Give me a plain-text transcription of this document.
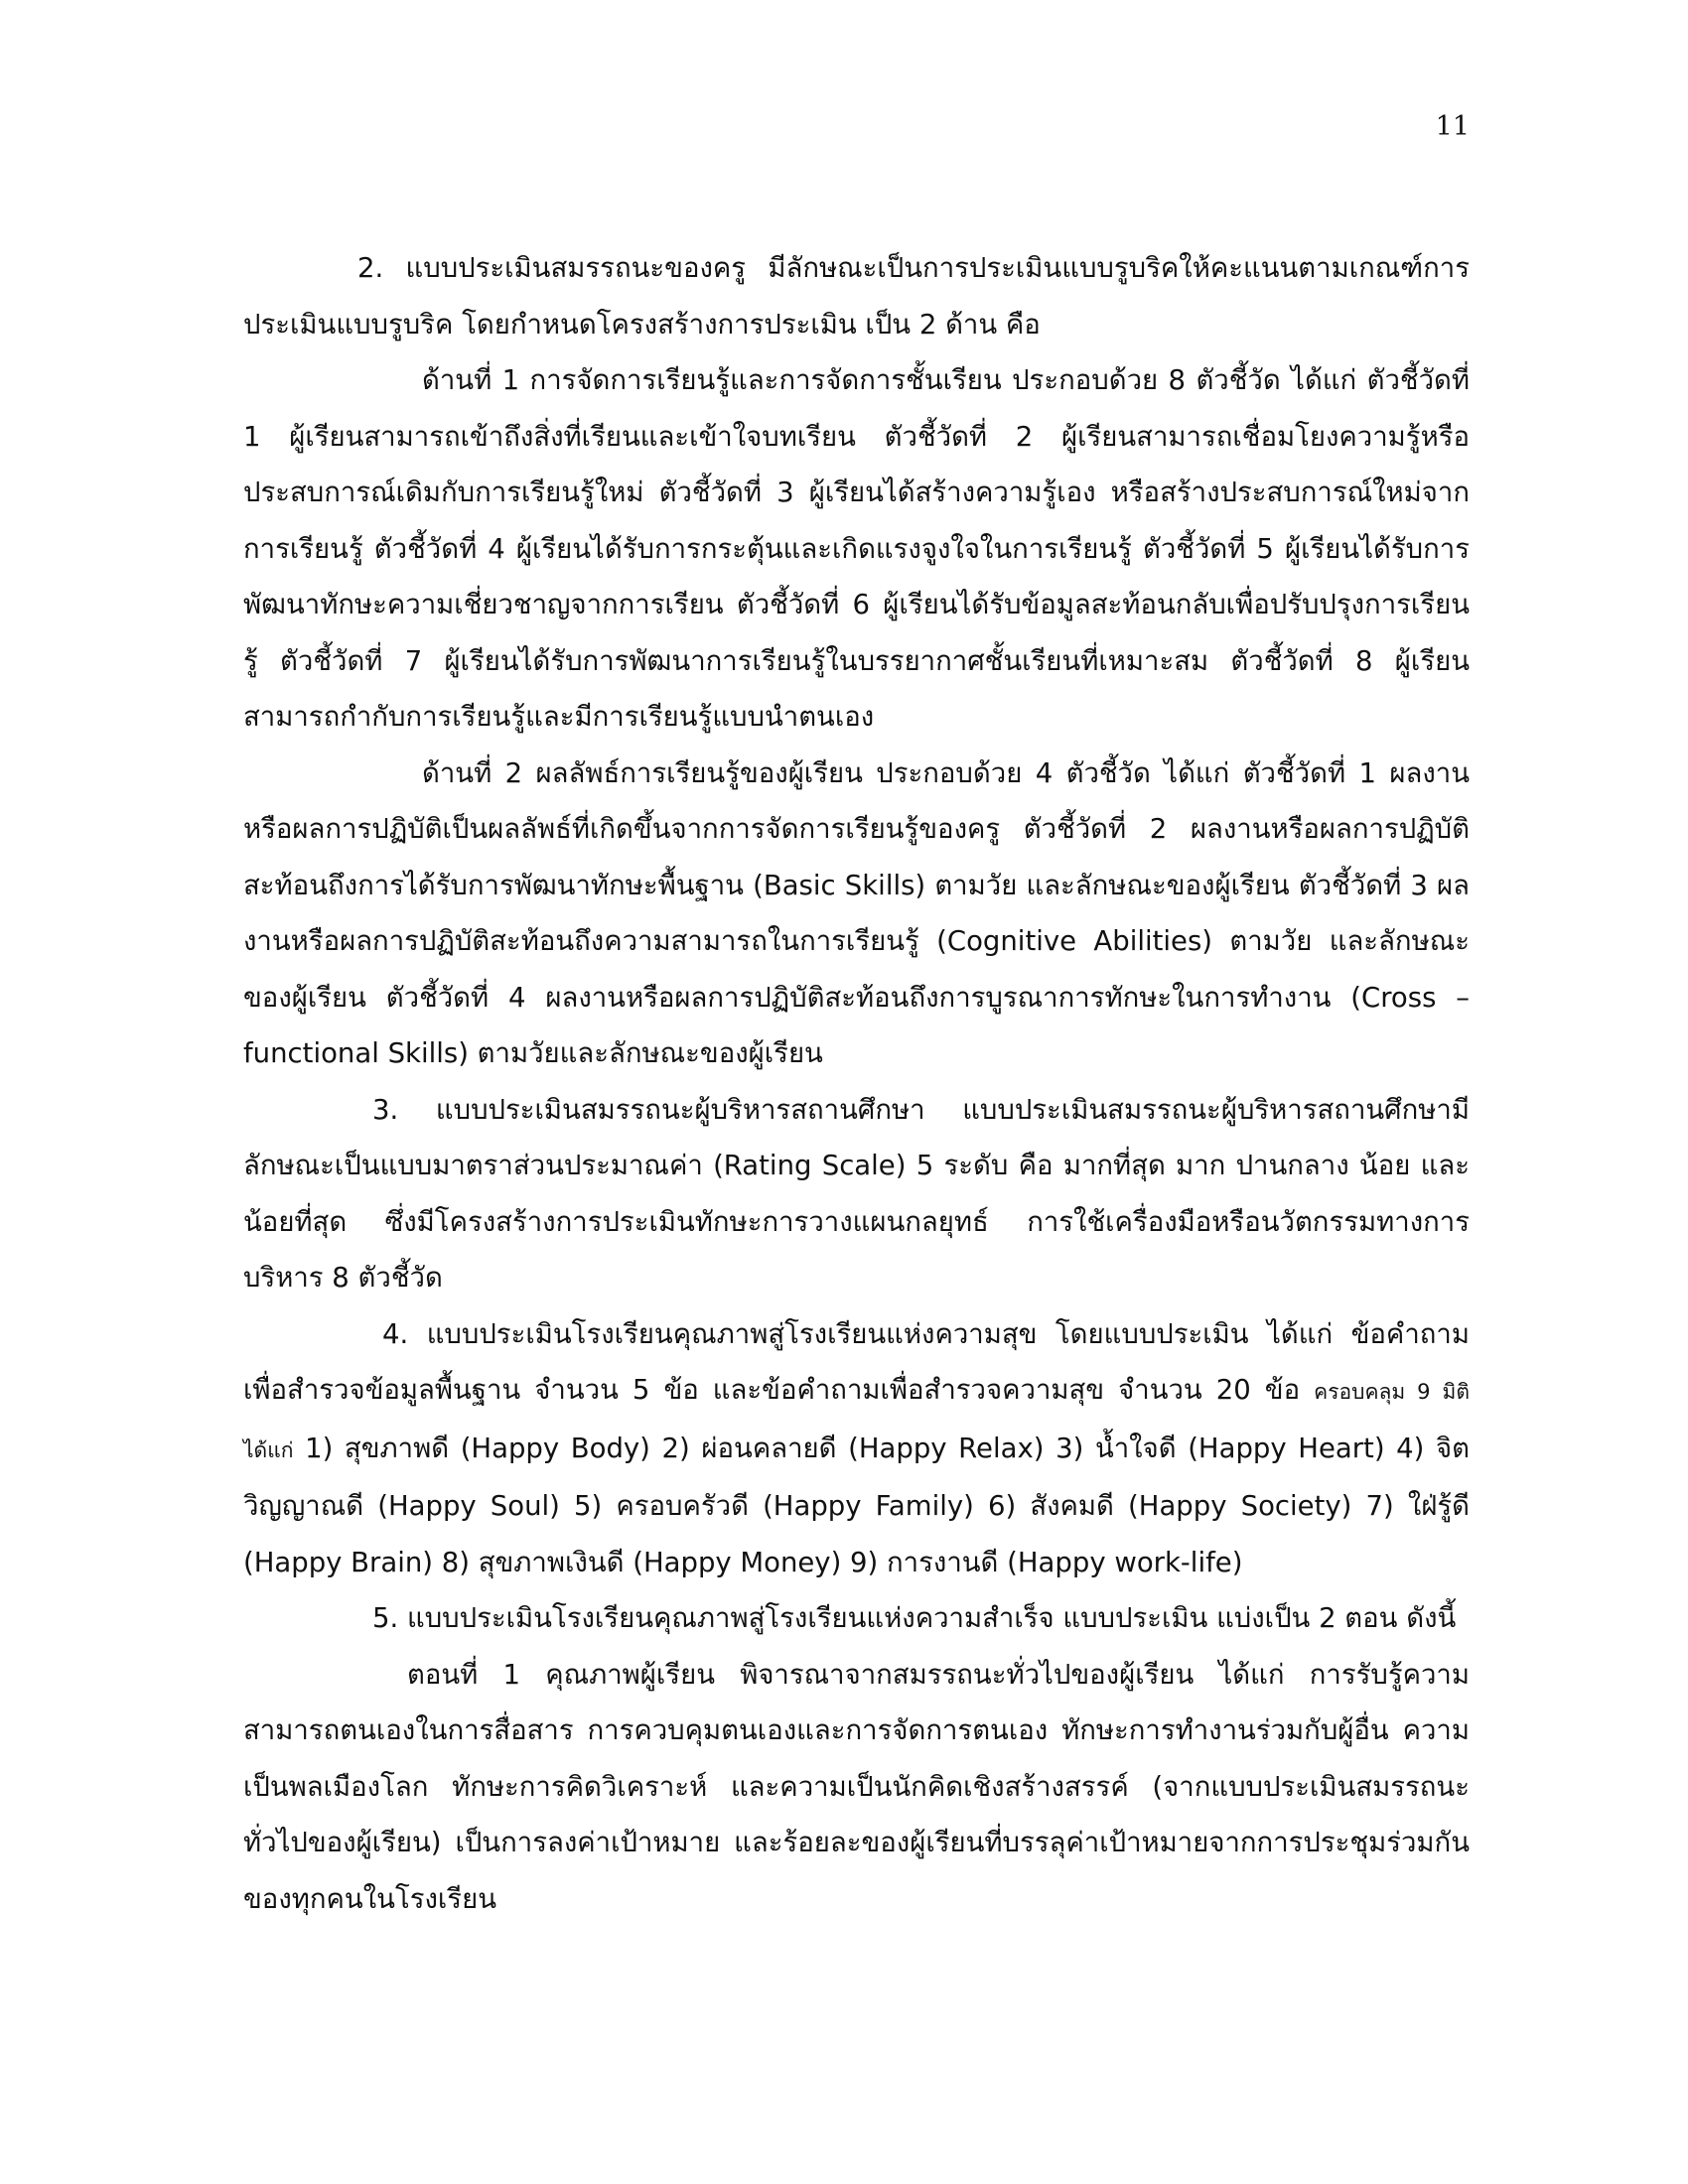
11

2. แบบประเมินสมรรถนะของครู มีลักษณะเป็นการประเมินแบบรูบริคให้คะแนนตามเกณฑ์การประเมินแบบรูบริค โดยกำหนดโครงสร้างการประเมิน เป็น 2 ด้าน คือ

ด้านที่ 1 การจัดการเรียนรู้และการจัดการชั้นเรียน ประกอบด้วย 8 ตัวชี้วัด ได้แก่ ตัวชี้วัดที่ 1 ผู้เรียนสามารถเข้าถึงสิ่งที่เรียนและเข้าใจบทเรียน ตัวชี้วัดที่ 2 ผู้เรียนสามารถเชื่อมโยงความรู้หรือประสบการณ์เดิมกับการเรียนรู้ใหม่ ตัวชี้วัดที่ 3 ผู้เรียนได้สร้างความรู้เอง หรือสร้างประสบการณ์ใหม่จากการเรียนรู้ ตัวชี้วัดที่ 4 ผู้เรียนได้รับการกระตุ้นและเกิดแรงจูงใจในการเรียนรู้ ตัวชี้วัดที่ 5 ผู้เรียนได้รับการพัฒนาทักษะความเชี่ยวชาญจากการเรียน ตัวชี้วัดที่ 6 ผู้เรียนได้รับข้อมูลสะท้อนกลับเพื่อปรับปรุงการเรียนรู้ ตัวชี้วัดที่ 7 ผู้เรียนได้รับการพัฒนาการเรียนรู้ในบรรยากาศชั้นเรียนที่เหมาะสม ตัวชี้วัดที่ 8 ผู้เรียนสามารถกำกับการเรียนรู้และมีการเรียนรู้แบบนำตนเอง

ด้านที่ 2 ผลลัพธ์การเรียนรู้ของผู้เรียน ประกอบด้วย 4 ตัวชี้วัด ได้แก่ ตัวชี้วัดที่ 1 ผลงานหรือผลการปฏิบัติเป็นผลลัพธ์ที่เกิดขึ้นจากการจัดการเรียนรู้ของครู ตัวชี้วัดที่ 2 ผลงานหรือผลการปฏิบัติสะท้อนถึงการได้รับการพัฒนาทักษะพื้นฐาน (Basic Skills) ตามวัย และลักษณะของผู้เรียน ตัวชี้วัดที่ 3 ผลงานหรือผลการปฏิบัติสะท้อนถึงความสามารถในการเรียนรู้ (Cognitive Abilities) ตามวัย และลักษณะของผู้เรียน ตัวชี้วัดที่ 4 ผลงานหรือผลการปฏิบัติสะท้อนถึงการบูรณาการทักษะในการทำงาน (Cross – functional Skills) ตามวัยและลักษณะของผู้เรียน

3. แบบประเมินสมรรถนะผู้บริหารสถานศึกษา แบบประเมินสมรรถนะผู้บริหารสถานศึกษามีลักษณะเป็นแบบมาตราส่วนประมาณค่า (Rating Scale) 5 ระดับ คือ มากที่สุด มาก ปานกลาง น้อย และน้อยที่สุด ซึ่งมีโครงสร้างการประเมินทักษะการวางแผนกลยุทธ์ การใช้เครื่องมือหรือนวัตกรรมทางการบริหาร 8 ตัวชี้วัด

4. แบบประเมินโรงเรียนคุณภาพสู่โรงเรียนแห่งความสุข โดยแบบประเมิน ได้แก่ ข้อคำถามเพื่อสำรวจข้อมูลพื้นฐาน จำนวน 5 ข้อ และข้อคำถามเพื่อสำรวจความสุข จำนวน 20 ข้อ ครอบคลุม 9 มิติ ได้แก่ 1) สุขภาพดี (Happy Body) 2) ผ่อนคลายดี (Happy Relax) 3) น้ำใจดี (Happy Heart) 4) จิตวิญญาณดี (Happy Soul) 5) ครอบครัวดี (Happy Family) 6) สังคมดี (Happy Society) 7) ใฝ่รู้ดี (Happy Brain) 8) สุขภาพเงินดี (Happy Money) 9) การงานดี (Happy work-life)

5. แบบประเมินโรงเรียนคุณภาพสู่โรงเรียนแห่งความสำเร็จ แบบประเมิน แบ่งเป็น 2 ตอน ดังนี้

ตอนที่ 1 คุณภาพผู้เรียน พิจารณาจากสมรรถนะทั่วไปของผู้เรียน ได้แก่ การรับรู้ความสามารถตนเองในการสื่อสาร การควบคุมตนเองและการจัดการตนเอง ทักษะการทำงานร่วมกับผู้อื่น ความเป็นพลเมืองโลก ทักษะการคิดวิเคราะห์ และความเป็นนักคิดเชิงสร้างสรรค์ (จากแบบประเมินสมรรถนะทั่วไปของผู้เรียน) เป็นการลงค่าเป้าหมาย และร้อยละของผู้เรียนที่บรรลุค่าเป้าหมายจากการประชุมร่วมกันของทุกคนในโรงเรียน
